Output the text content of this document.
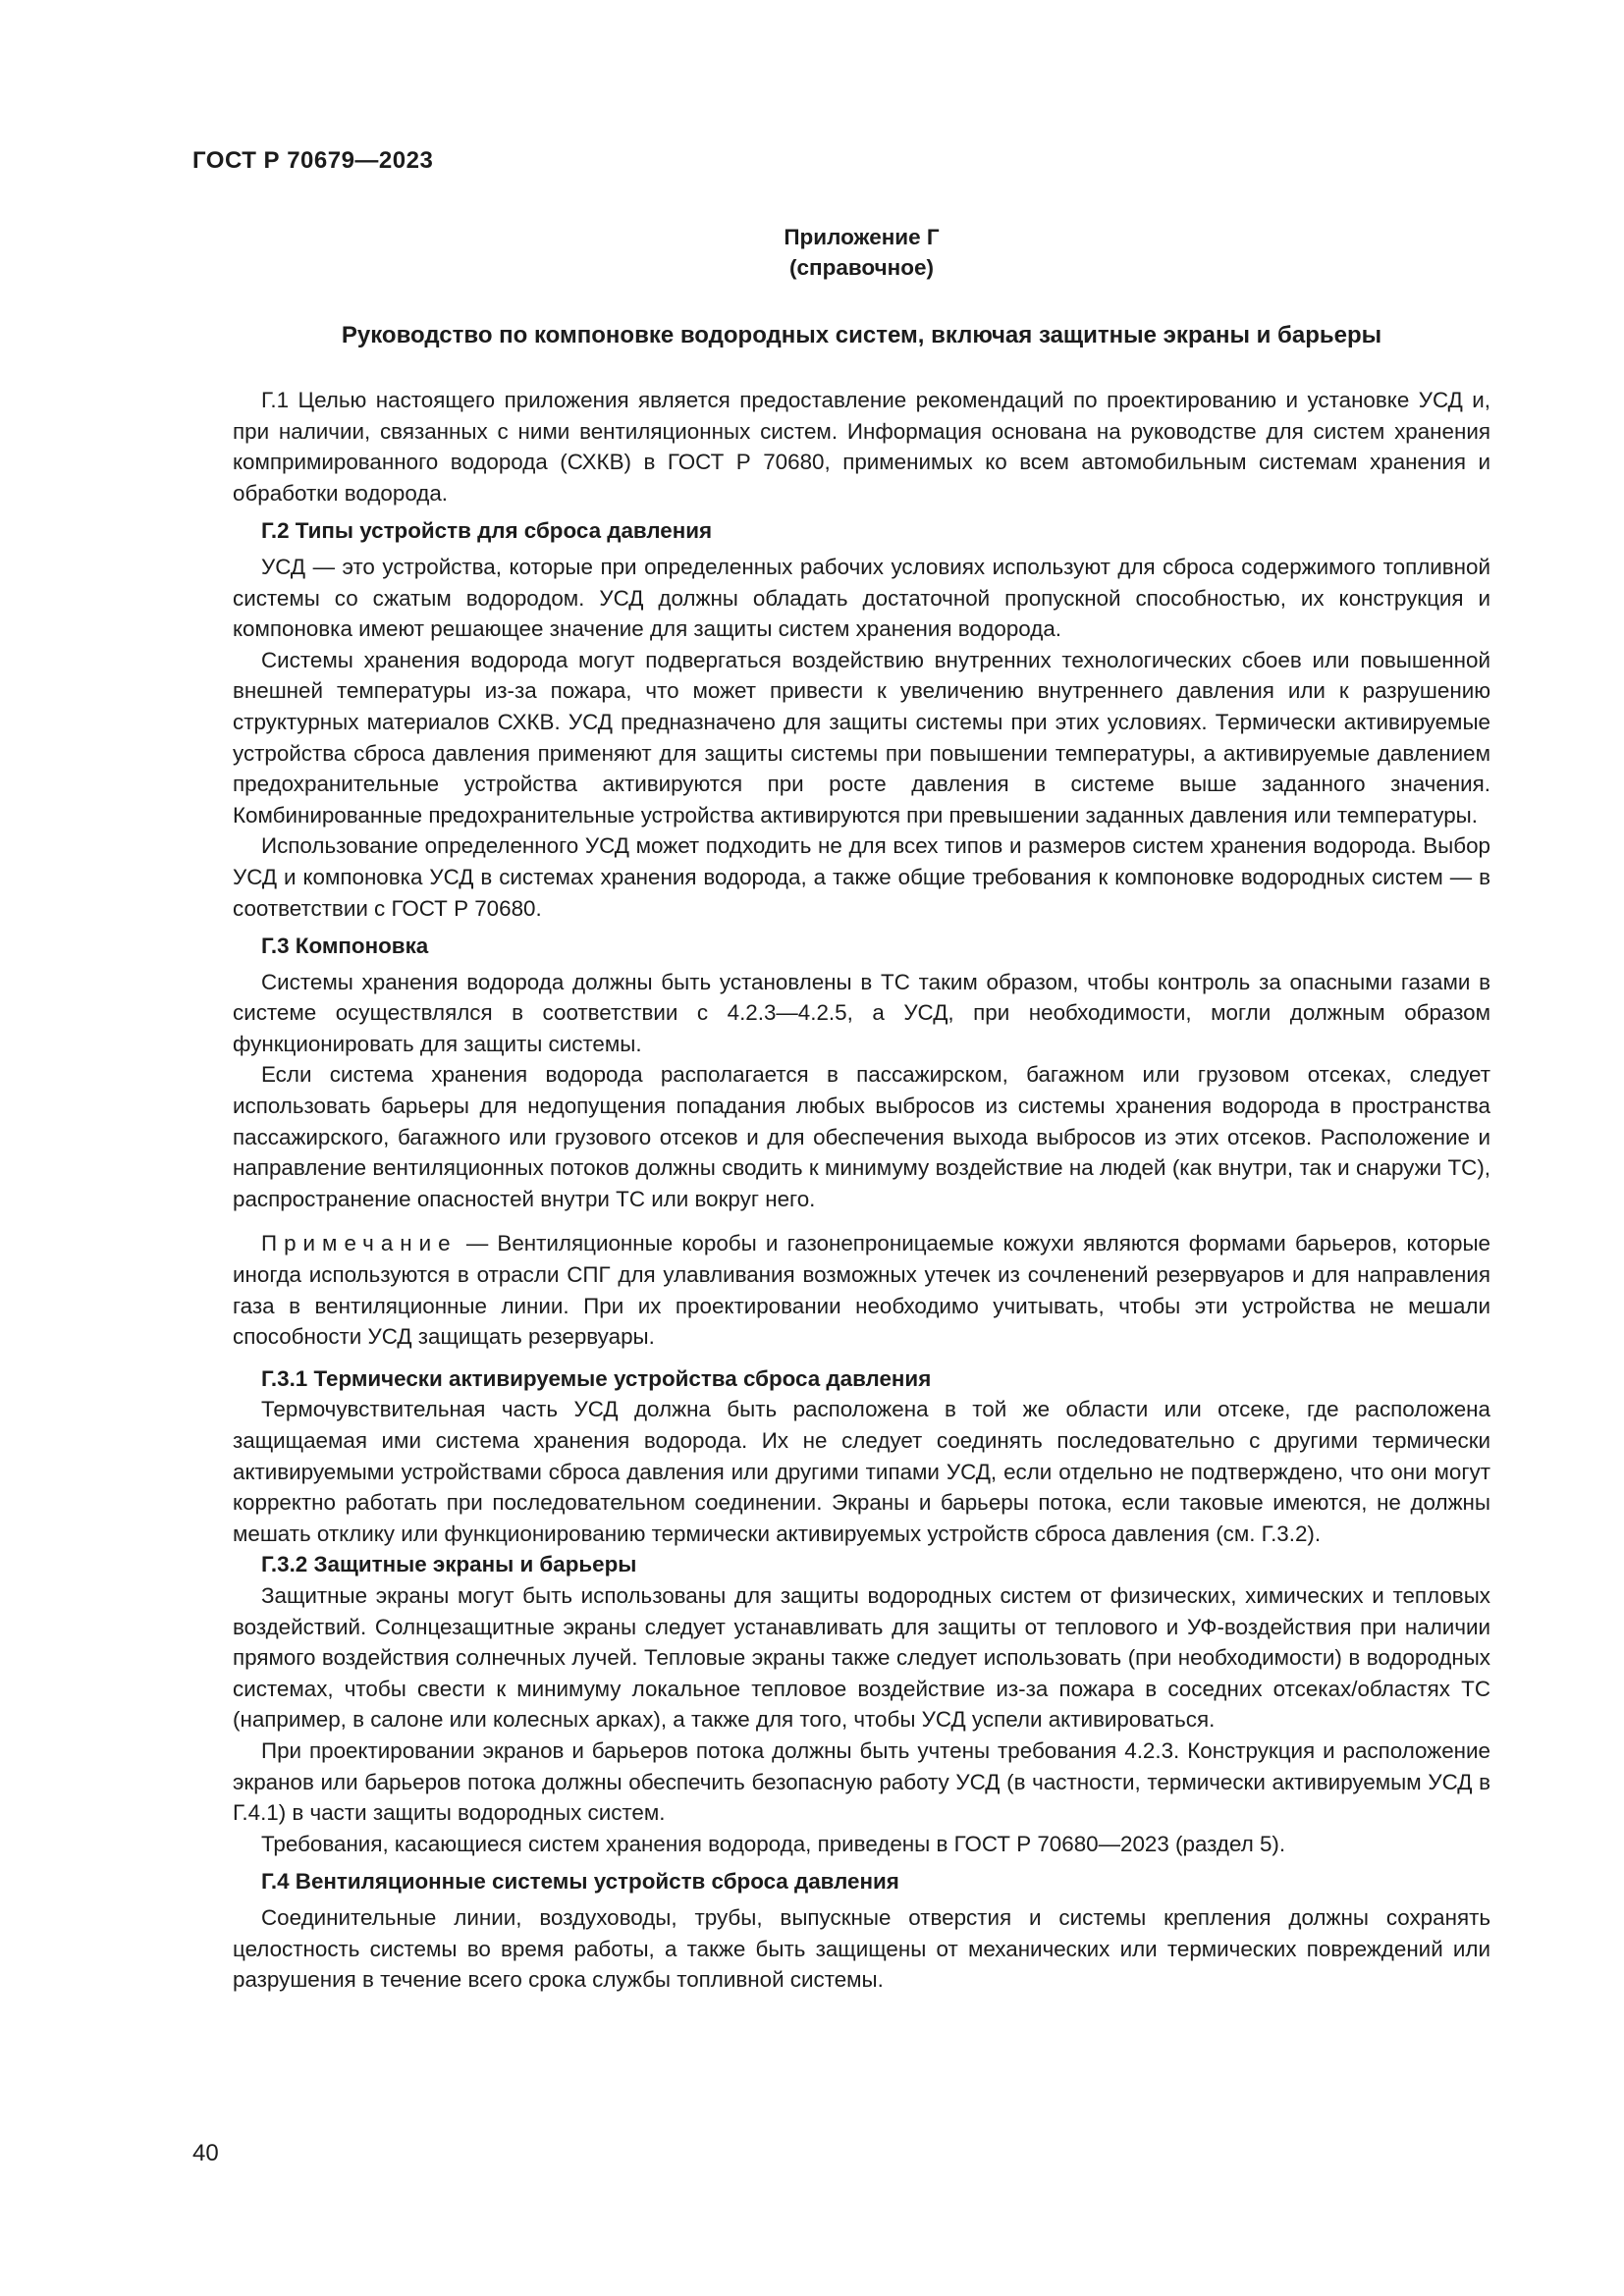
ГОСТ Р 70679—2023
Приложение Г
(справочное)
Руководство по компоновке водородных систем, включая защитные экраны и барьеры

Г.1 Целью настоящего приложения является предоставление рекомендаций по проектированию и установке УСД и, при наличии, связанных с ними вентиляционных систем. Информация основана на руководстве для систем хранения компримированного водорода (СХКВ) в ГОСТ Р 70680, применимых ко всем автомобильным системам хранения и обработки водорода.

Г.2 Типы устройств для сброса давления

УСД — это устройства, которые при определенных рабочих условиях используют для сброса содержимого топливной системы со сжатым водородом. УСД должны обладать достаточной пропускной способностью, их конструкция и компоновка имеют решающее значение для защиты систем хранения водорода.

Системы хранения водорода могут подвергаться воздействию внутренних технологических сбоев или повышенной внешней температуры из-за пожара, что может привести к увеличению внутреннего давления или к разрушению структурных материалов СХКВ. УСД предназначено для защиты системы при этих условиях. Термически активируемые устройства сброса давления применяют для защиты системы при повышении температуры, а активируемые давлением предохранительные устройства активируются при росте давления в системе выше заданного значения. Комбинированные предохранительные устройства активируются при превышении заданных давления или температуры.

Использование определенного УСД может подходить не для всех типов и размеров систем хранения водорода. Выбор УСД и компоновка УСД в системах хранения водорода, а также общие требования к компоновке водородных систем — в соответствии с ГОСТ Р 70680.

Г.3 Компоновка

Системы хранения водорода должны быть установлены в ТС таким образом, чтобы контроль за опасными газами в системе осуществлялся в соответствии с 4.2.3—4.2.5, а УСД, при необходимости, могли должным образом функционировать для защиты системы.

Если система хранения водорода располагается в пассажирском, багажном или грузовом отсеках, следует использовать барьеры для недопущения попадания любых выбросов из системы хранения водорода в пространства пассажирского, багажного или грузового отсеков и для обеспечения выхода выбросов из этих отсеков. Расположение и направление вентиляционных потоков должны сводить к минимуму воздействие на людей (как внутри, так и снаружи ТС), распространение опасностей внутри ТС или вокруг него.

Примечание — Вентиляционные коробы и газонепроницаемые кожухи являются формами барьеров, которые иногда используются в отрасли СПГ для улавливания возможных утечек из сочленений резервуаров и для направления газа в вентиляционные линии. При их проектировании необходимо учитывать, чтобы эти устройства не мешали способности УСД защищать резервуары.

Г.3.1 Термически активируемые устройства сброса давления

Термочувствительная часть УСД должна быть расположена в той же области или отсеке, где расположена защищаемая ими система хранения водорода. Их не следует соединять последовательно с другими термически активируемыми устройствами сброса давления или другими типами УСД, если отдельно не подтверждено, что они могут корректно работать при последовательном соединении. Экраны и барьеры потока, если таковые имеются, не должны мешать отклику или функционированию термически активируемых устройств сброса давления (см. Г.3.2).

Г.3.2 Защитные экраны и барьеры

Защитные экраны могут быть использованы для защиты водородных систем от физических, химических и тепловых воздействий. Солнцезащитные экраны следует устанавливать для защиты от теплового и УФ-воздействия при наличии прямого воздействия солнечных лучей. Тепловые экраны также следует использовать (при необходимости) в водородных системах, чтобы свести к минимуму локальное тепловое воздействие из-за пожара в соседних отсеках/областях ТС (например, в салоне или колесных арках), а также для того, чтобы УСД успели активироваться.

При проектировании экранов и барьеров потока должны быть учтены требования 4.2.3. Конструкция и расположение экранов или барьеров потока должны обеспечить безопасную работу УСД (в частности, термически активируемым УСД в Г.4.1) в части защиты водородных систем.

Требования, касающиеся систем хранения водорода, приведены в ГОСТ Р 70680—2023 (раздел 5).

Г.4 Вентиляционные системы устройств сброса давления

Соединительные линии, воздуховоды, трубы, выпускные отверстия и системы крепления должны сохранять целостность системы во время работы, а также быть защищены от механических или термических повреждений или разрушения в течение всего срока службы топливной системы.

40
